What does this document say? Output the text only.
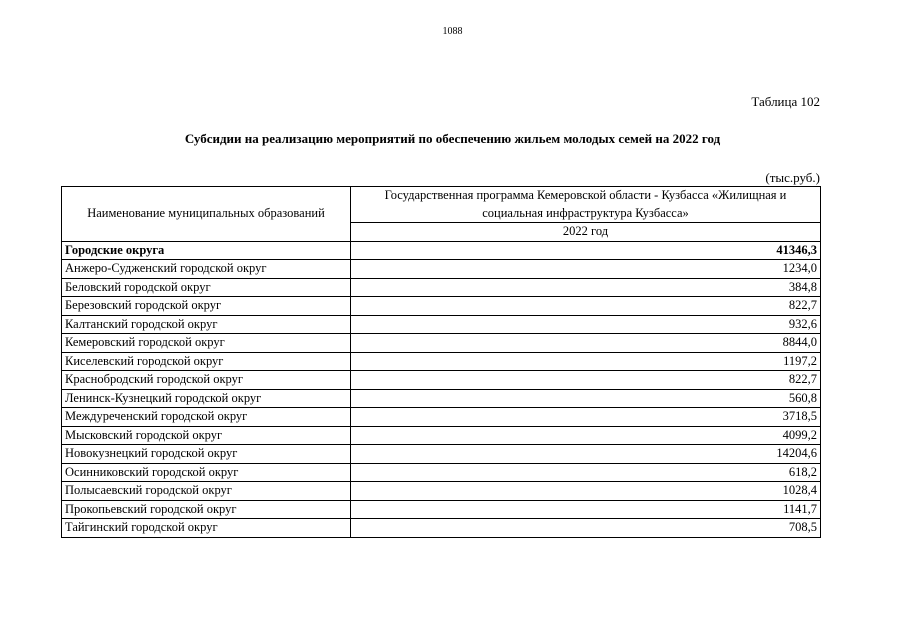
1088
Таблица 102
Субсидии на реализацию мероприятий по обеспечению жильем молодых семей на 2022 год
(тыс.руб.)
Наименование муниципальных образований	Государственная программа Кемеровской области - Кузбасса «Жилищная и социальная инфраструктура Кузбасса»
	2022 год
Городские округа	41346,3
Анжеро-Судженский городской округ	1234,0
Беловский городской округ	384,8
Березовский городской округ	822,7
Калтанский городской округ	932,6
Кемеровский городской округ	8844,0
Киселевский городской округ	1197,2
Краснобродский городской округ	822,7
Ленинск-Кузнецкий городской округ	560,8
Междуреченский городской округ	3718,5
Мысковский городской округ	4099,2
Новокузнецкий городской округ	14204,6
Осинниковский городской округ	618,2
Полысаевский городской округ	1028,4
Прокопьевский городской округ	1141,7
Тайгинский городской округ	708,5
